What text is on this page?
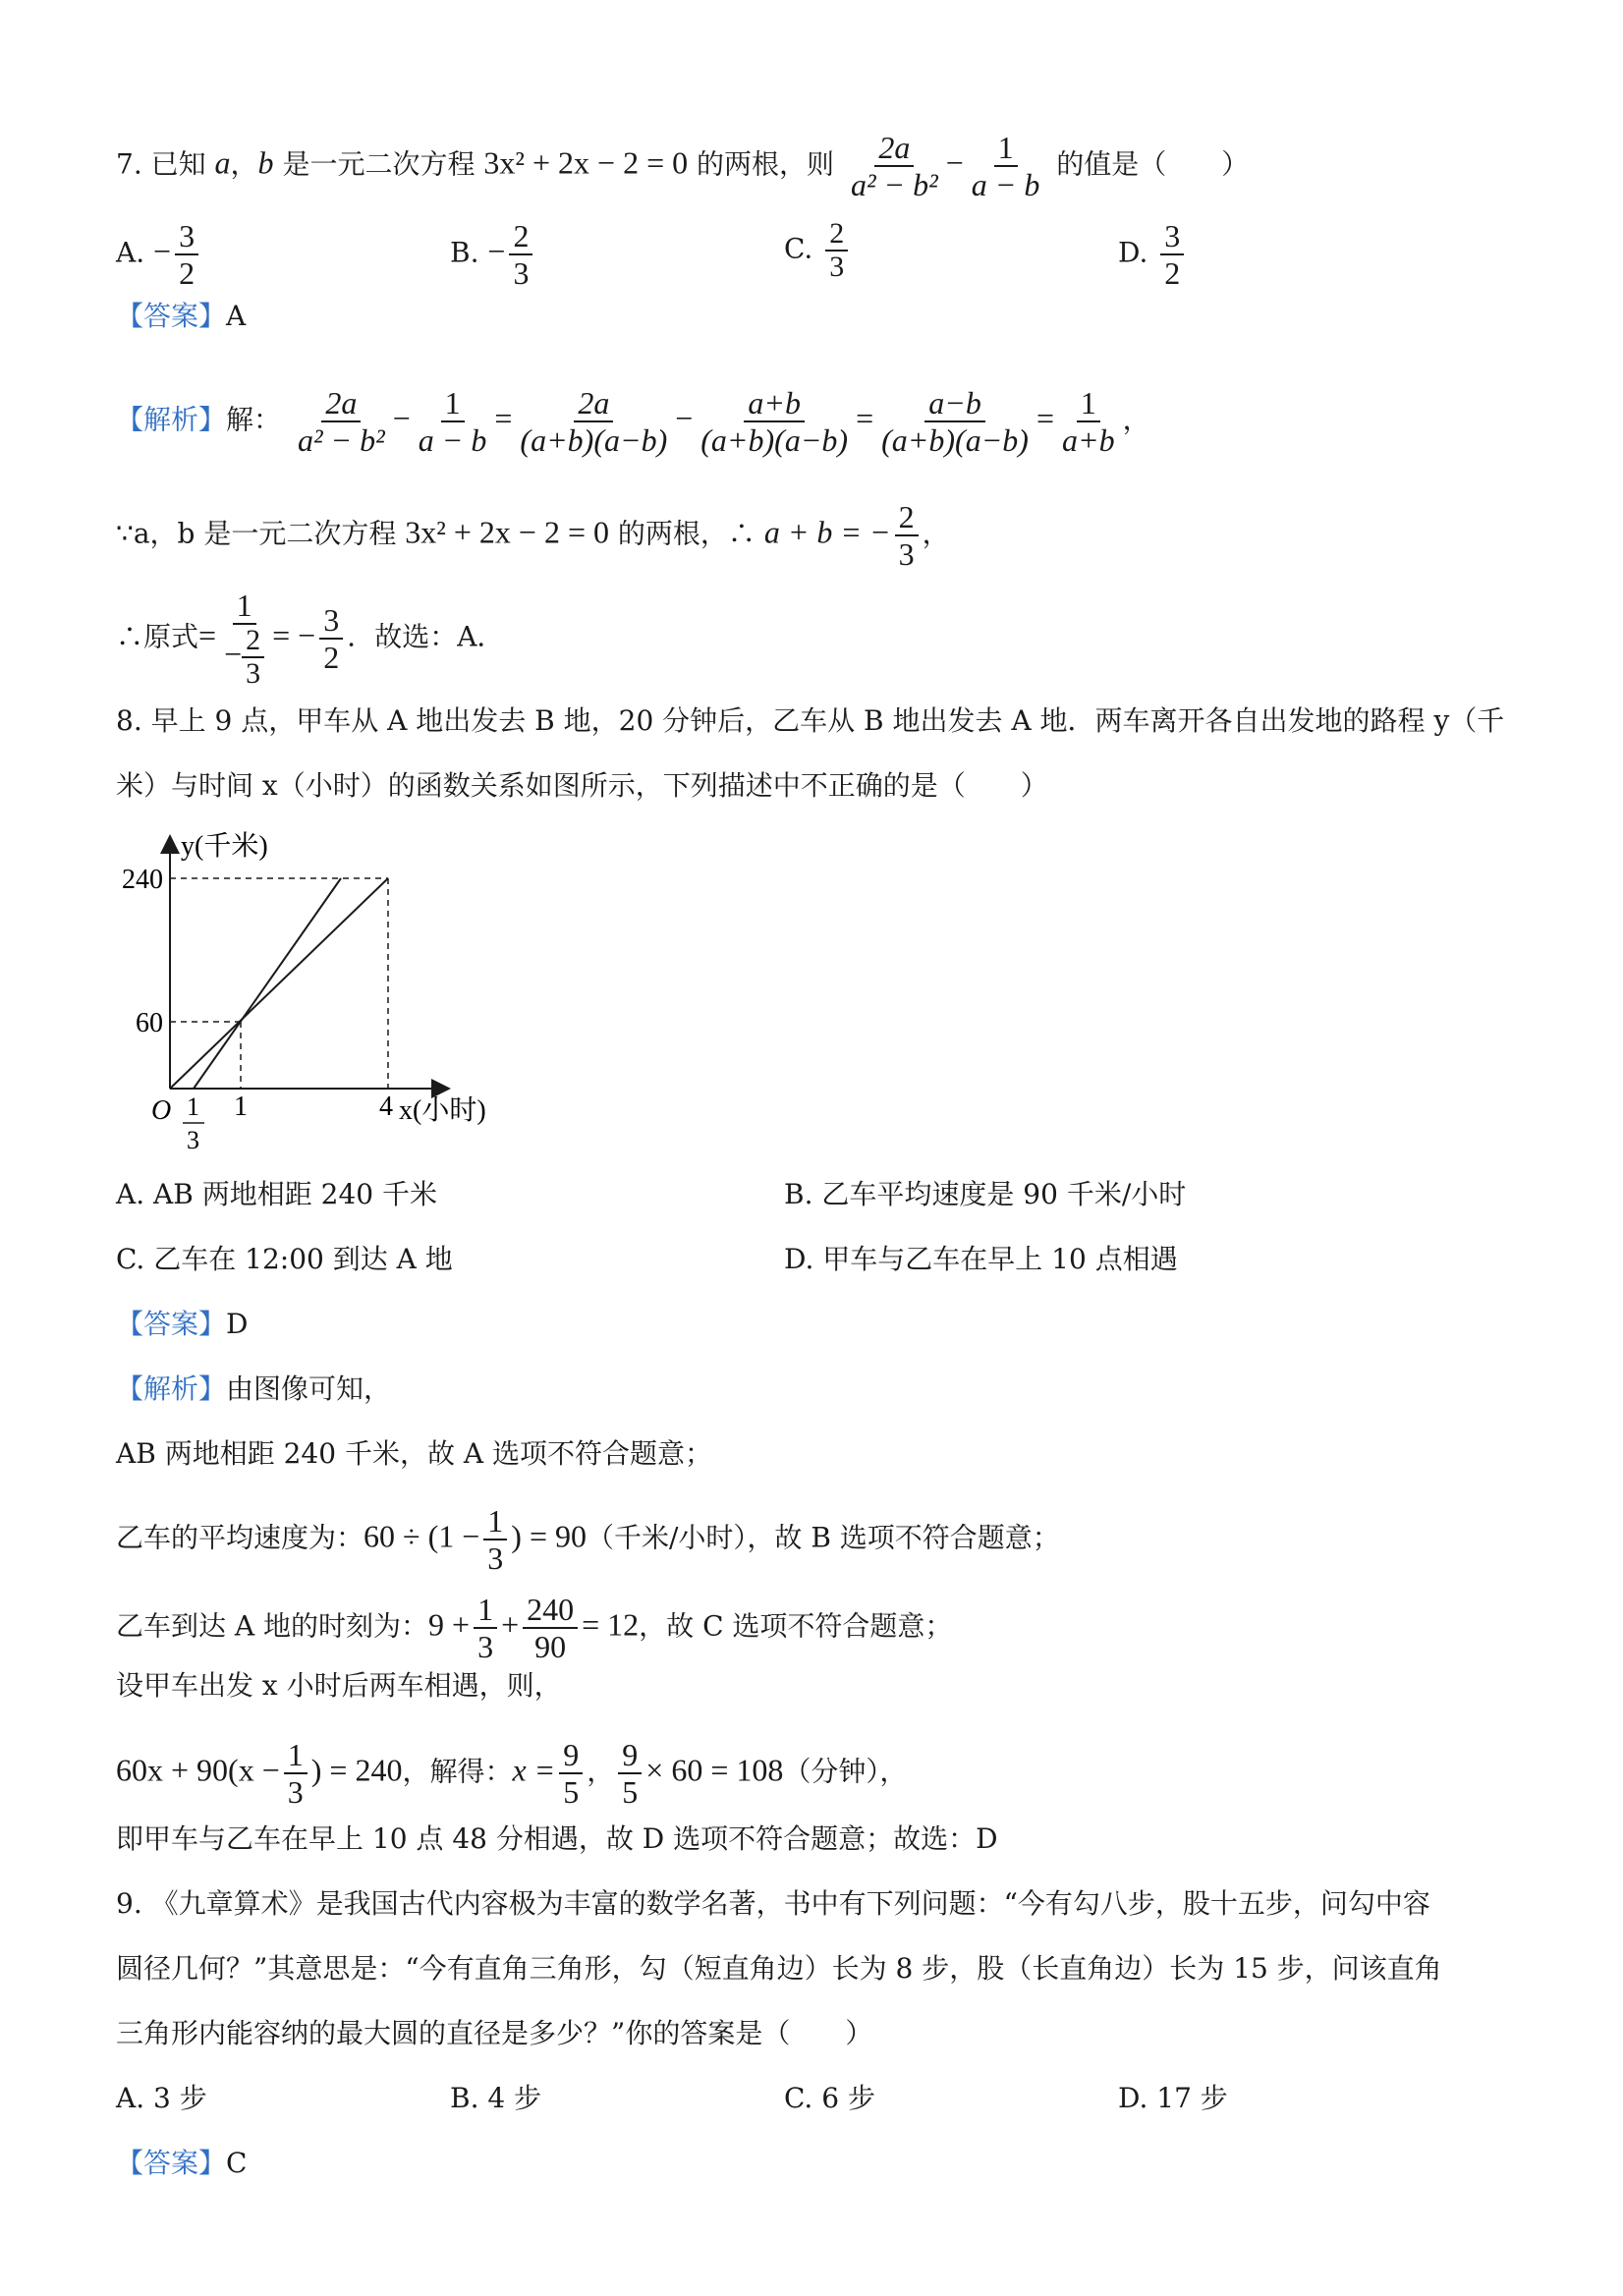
7. 已知 a，b 是一元二次方程 3x² + 2x − 2 = 0 的两根，则 $\frac{2a}{\text{a² − b²}} - \frac{1}{a - b}$ 的值是（　　）
A. − $\frac{3}{2}$	B. − $\frac{2}{3}$	C. $\frac{2}{3}$	D. $\frac{3}{2}$
【答案】A
【解析】解： $\frac{2a}{\text{a² − b²}} - \frac{1}{a - b} = \frac{2a}{(a+b)(a-b)} - \frac{a+b}{(a+b)(a-b)} = \frac{a-b}{(a+b)(a-b)} = \frac{1}{a+b}$ ，
∵a，b 是一元二次方程 3x² + 2x − 2 = 0 的两根，∴ a + b = − $\frac{2}{3}$ ，
∴原式= $\frac{1}{- \frac{2}{3}}$ = − $\frac{3}{2}$ ．故选：A．
8. 早上 9 点，甲车从 A 地出发去 B 地，20 分钟后，乙车从 B 地出发去 A 地．两车离开各自出发地的路程 y（千
米）与时间 x（小时）的函数关系如图所示，下列描述中不正确的是（　　）
y(千米)
240
60
O 1
3
1	4 x(小时)
A. AB 两地相距 240 千米	B. 乙车平均速度是 90 千米/小时
C. 乙车在 12:00 到达 A 地	D. 甲车与乙车在早上 10 点相遇
【答案】D
【解析】由图像可知，
AB 两地相距 240 千米，故 A 选项不符合题意；
乙车的平均速度为：$60 \div (1 - \frac{1}{3}$ ) = 90（千米/小时），故 B 选项不符合题意；
乙车到达 A 地的时刻为：$9 + \frac{1}{3} + \frac{240}{90} = 12$，故 C 选项不符合题意；
设甲车出发 x 小时后两车相遇，则，
$60x + 90(x - \frac{1}{3}$ ) = 240，解得：$x = \frac{9}{5}$ ， $\frac{9}{5} \times 60 = 108$（分钟），
即甲车与乙车在早上 10 点 48 分相遇，故 D 选项不符合题意；故选：D
9. 《九章算术》是我国古代内容极为丰富的数学名著，书中有下列问题：“今有勾八步，股十五步，问勾中容
圆径几何？”其意思是：“今有直角三角形，勾（短直角边）长为 8 步，股（长直角边）长为 15 步，问该直角
三角形内能容纳的最大圆的直径是多少？”你的答案是（　　）
A. 3 步	B. 4 步	C. 6 步	D. 17 步
【答案】C
